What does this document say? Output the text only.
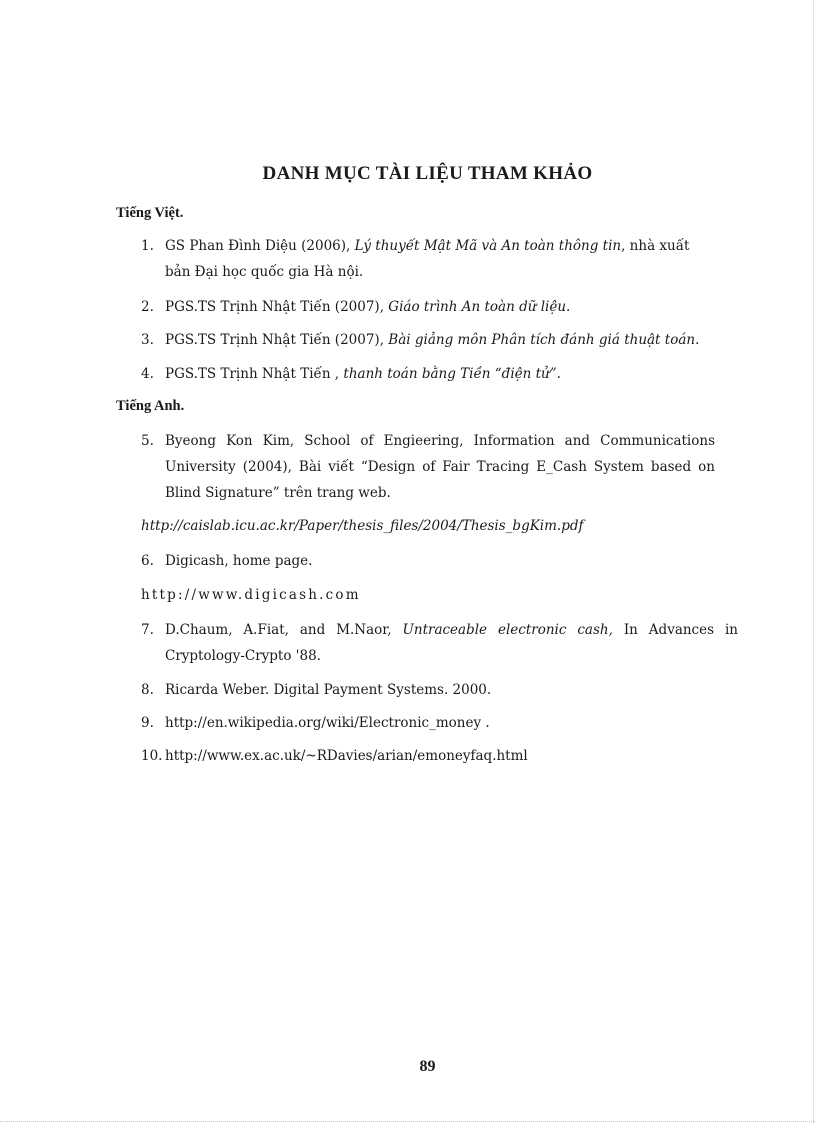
DANH MỤC TÀI LIỆU THAM KHẢO
Tiếng Việt.
1. GS Phan Đình Diệu (2006), Lý thuyết Mật Mã và An toàn thông tin, nhà xuất bản Đại học quốc gia Hà nội.
2. PGS.TS Trịnh Nhật Tiến (2007), Giáo trình An toàn dữ liệu.
3. PGS.TS Trịnh Nhật Tiến (2007), Bài giảng môn Phân tích đánh giá thuật toán.
4. PGS.TS Trịnh Nhật Tiến , thanh toán bằng Tiền “điện tử”.
Tiếng Anh.
5. Byeong Kon Kim, School of Engieering, Information and Communications University (2004), Bài viết “Design of Fair Tracing E_Cash System based on Blind Signature” trên trang web.
http://caislab.icu.ac.kr/Paper/thesis_files/2004/Thesis_bgKim.pdf
6. Digicash, home page.
http://www.digicash.com
7. D.Chaum, A.Fiat, and M.Naor, Untraceable electronic cash, In Advances in Cryptology-Crypto '88.
8. Ricarda Weber. Digital Payment Systems. 2000.
9. http://en.wikipedia.org/wiki/Electronic_money .
10. http://www.ex.ac.uk/~RDavies/arian/emoneyfaq.html
89
